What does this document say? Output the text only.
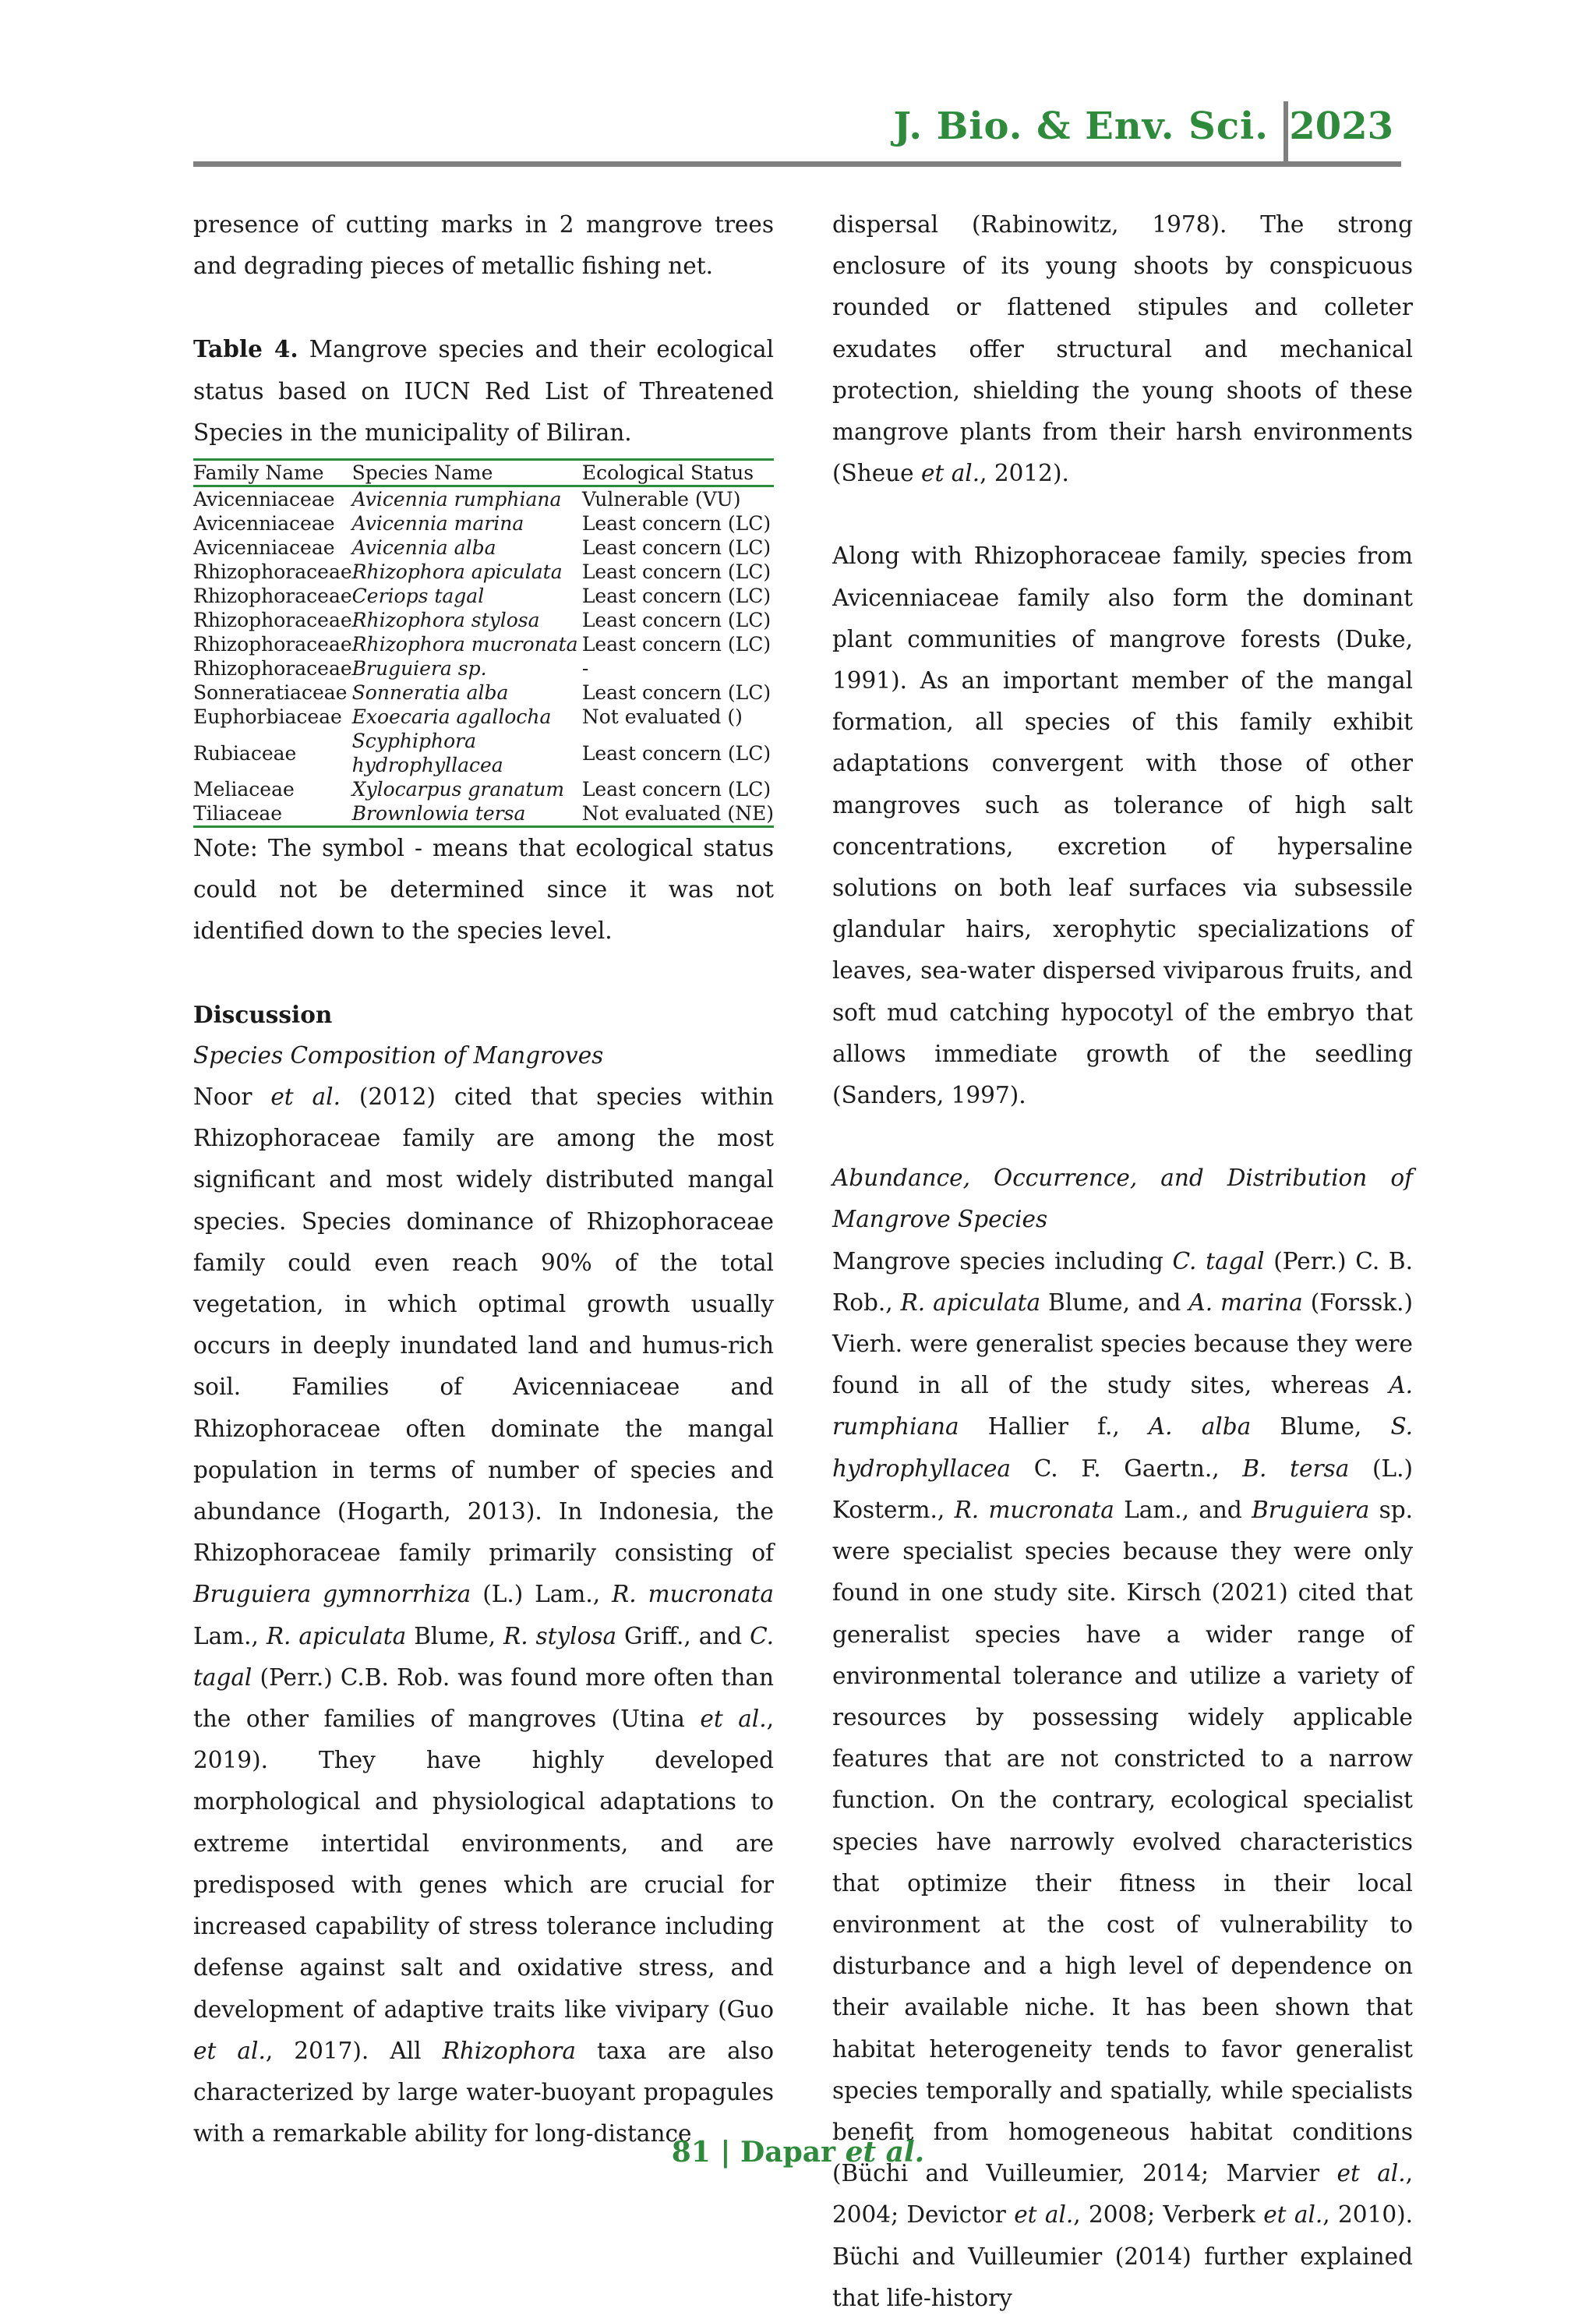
J. Bio. & Env. Sci. 2023

presence of cutting marks in 2 mangrove trees and degrading pieces of metallic fishing net.

Table 4. Mangrove species and their ecological status based on IUCN Red List of Threatened Species in the municipality of Biliran.

Family Name	Species Name	Ecological Status
Avicenniaceae	Avicennia rumphiana	Vulnerable (VU)
Avicenniaceae	Avicennia marina	Least concern (LC)
Avicenniaceae	Avicennia alba	Least concern (LC)
Rhizophoraceae	Rhizophora apiculata	Least concern (LC)
Rhizophoraceae	Ceriops tagal	Least concern (LC)
Rhizophoraceae	Rhizophora stylosa	Least concern (LC)
Rhizophoraceae	Rhizophora mucronata	Least concern (LC)
Rhizophoraceae	Bruguiera sp.	-
Sonneratiaceae	Sonneratia alba	Least concern (LC)
Euphorbiaceae	Exoecaria agallocha	Not evaluated ()
Rubiaceae	Scyphiphora hydrophyllacea	Least concern (LC)
Meliaceae	Xylocarpus granatum	Least concern (LC)
Tiliaceae	Brownlowia tersa	Not evaluated (NE)

Note: The symbol - means that ecological status could not be determined since it was not identified down to the species level.

Discussion

Species Composition of Mangroves

Noor et al. (2012) cited that species within Rhizophoraceae family are among the most significant and most widely distributed mangal species. Species dominance of Rhizophoraceae family could even reach 90% of the total vegetation, in which optimal growth usually occurs in deeply inundated land and humus-rich soil. Families of Avicenniaceae and Rhizophoraceae often dominate the mangal population in terms of number of species and abundance (Hogarth, 2013). In Indonesia, the Rhizophoraceae family primarily consisting of Bruguiera gymnorrhiza (L.) Lam., R. mucronata Lam., R. apiculata Blume, R. stylosa Griff., and C. tagal (Perr.) C.B. Rob. was found more often than the other families of mangroves (Utina et al., 2019). They have highly developed morphological and physiological adaptations to extreme intertidal environments, and are predisposed with genes which are crucial for increased capability of stress tolerance including defense against salt and oxidative stress, and development of adaptive traits like vivipary (Guo et al., 2017). All Rhizophora taxa are also characterized by large water-buoyant propagules with a remarkable ability for long-distance

dispersal (Rabinowitz, 1978). The strong enclosure of its young shoots by conspicuous rounded or flattened stipules and colleter exudates offer structural and mechanical protection, shielding the young shoots of these mangrove plants from their harsh environments (Sheue et al., 2012).

Along with Rhizophoraceae family, species from Avicenniaceae family also form the dominant plant communities of mangrove forests (Duke, 1991). As an important member of the mangal formation, all species of this family exhibit adaptations convergent with those of other mangroves such as tolerance of high salt concentrations, excretion of hypersaline solutions on both leaf surfaces via subsessile glandular hairs, xerophytic specializations of leaves, sea-water dispersed viviparous fruits, and soft mud catching hypocotyl of the embryo that allows immediate growth of the seedling (Sanders, 1997).

Abundance, Occurrence, and Distribution of Mangrove Species

Mangrove species including C. tagal (Perr.) C. B. Rob., R. apiculata Blume, and A. marina (Forssk.) Vierh. were generalist species because they were found in all of the study sites, whereas A. rumphiana Hallier f., A. alba Blume, S. hydrophyllacea C. F. Gaertn., B. tersa (L.) Kosterm., R. mucronata Lam., and Bruguiera sp. were specialist species because they were only found in one study site. Kirsch (2021) cited that generalist species have a wider range of environmental tolerance and utilize a variety of resources by possessing widely applicable features that are not constricted to a narrow function. On the contrary, ecological specialist species have narrowly evolved characteristics that optimize their fitness in their local environment at the cost of vulnerability to disturbance and a high level of dependence on their available niche. It has been shown that habitat heterogeneity tends to favor generalist species temporally and spatially, while specialists benefit from homogeneous habitat conditions (Büchi and Vuilleumier, 2014; Marvier et al., 2004; Devictor et al., 2008; Verberk et al., 2010). Büchi and Vuilleumier (2014) further explained that life-history

81 | Dapar et al.
